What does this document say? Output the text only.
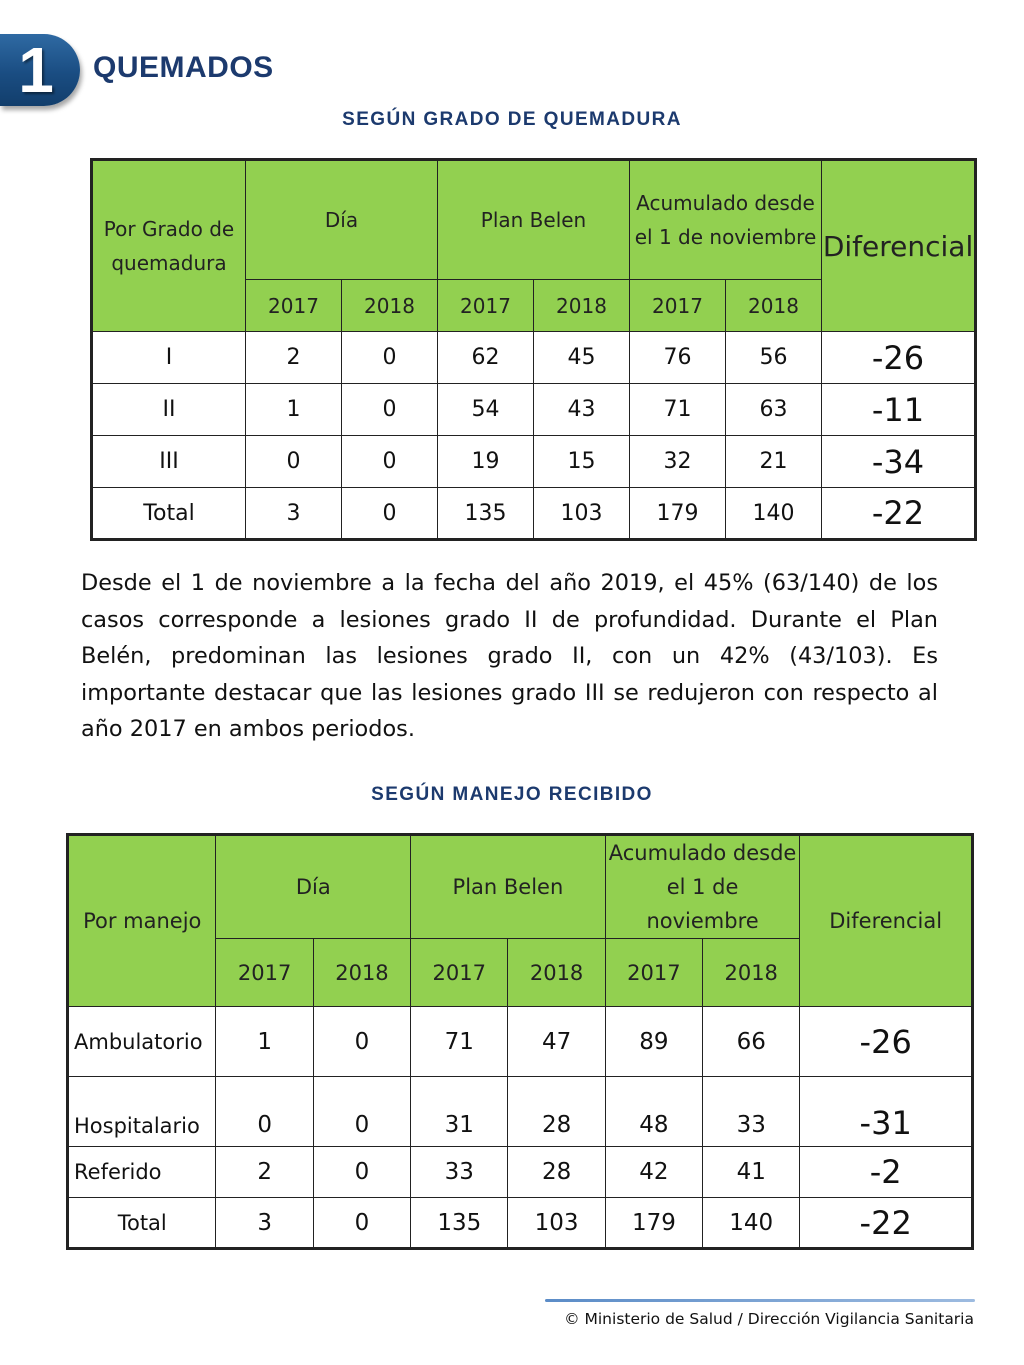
1 QUEMADOS
SEGÚN GRADO DE QUEMADURA
Por Grado de quemadura	Día		Plan Belen		Acumulado desde el 1 de noviembre		Diferencial
	2017	2018	2017	2018	2017	2018	
I	2	0	62	45	76	56	-26
II	1	0	54	43	71	63	-11
III	0	0	19	15	32	21	-34
Total	3	0	135	103	179	140	-22

Desde el 1 de noviembre a la fecha del año 2019, el 45% (63/140) de los casos corresponde a lesiones grado II de profundidad. Durante el Plan Belén, predominan las lesiones grado II, con un 42% (43/103). Es importante destacar que las lesiones grado III se redujeron con respecto al año 2017 en ambos periodos.

SEGÚN MANEJO RECIBIDO
Por manejo	Día		Plan Belen		Acumulado desde el 1 de noviembre		Diferencial
	2017	2018	2017	2018	2017	2018	
Ambulatorio	1	0	71	47	89	66	-26
Hospitalario	0	0	31	28	48	33	-31
Referido	2	0	33	28	42	41	-2
Total	3	0	135	103	179	140	-22

© Ministerio de Salud / Dirección Vigilancia Sanitaria
